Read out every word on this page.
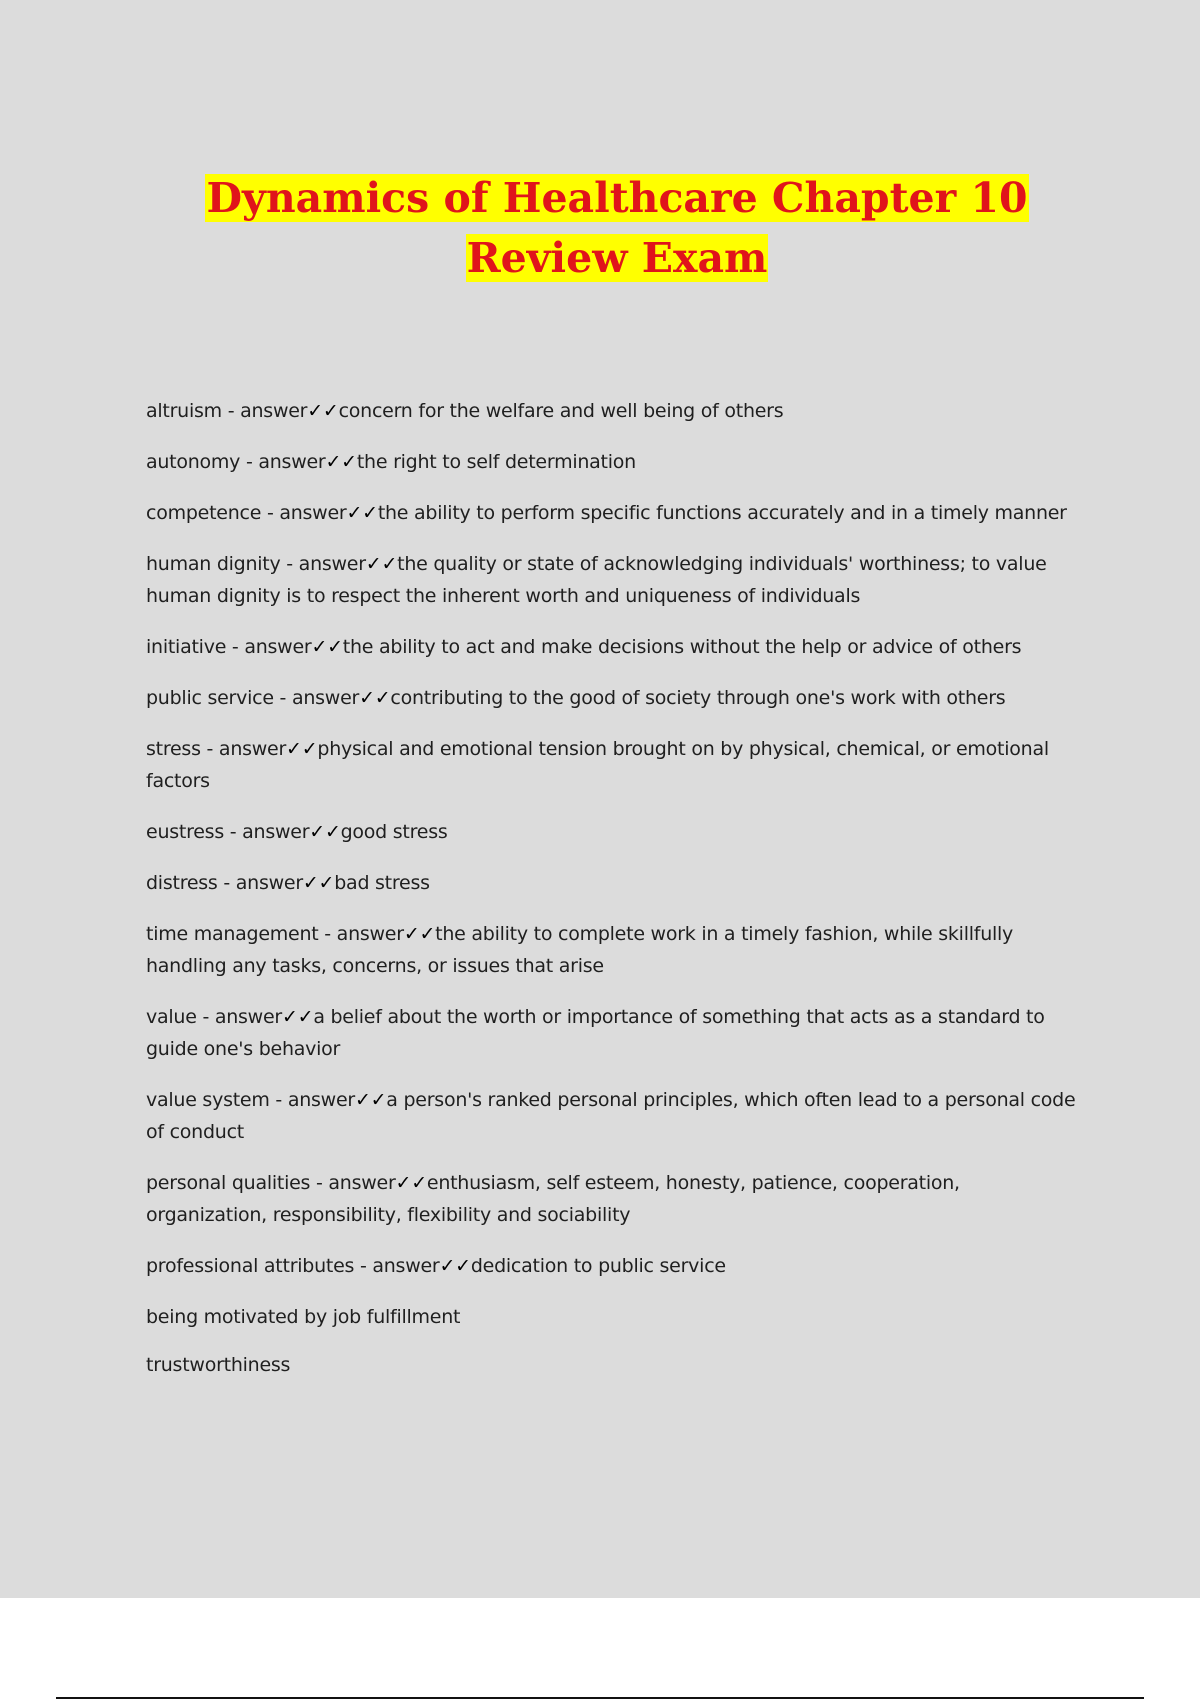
Dynamics of Healthcare Chapter 10 Review Exam

altruism - answer✓✓concern for the welfare and well being of others

autonomy - answer✓✓the right to self determination

competence - answer✓✓the ability to perform specific functions accurately and in a timely manner

human dignity - answer✓✓the quality or state of acknowledging individuals' worthiness; to value human dignity is to respect the inherent worth and uniqueness of individuals

initiative - answer✓✓the ability to act and make decisions without the help or advice of others

public service - answer✓✓contributing to the good of society through one's work with others

stress - answer✓✓physical and emotional tension brought on by physical, chemical, or emotional factors

eustress - answer✓✓good stress

distress - answer✓✓bad stress

time management - answer✓✓the ability to complete work in a timely fashion, while skillfully handling any tasks, concerns, or issues that arise

value - answer✓✓a belief about the worth or importance of something that acts as a standard to guide one's behavior

value system - answer✓✓a person's ranked personal principles, which often lead to a personal code of conduct

personal qualities - answer✓✓enthusiasm, self esteem, honesty, patience, cooperation, organization, responsibility, flexibility and sociability

professional attributes - answer✓✓dedication to public service

being motivated by job fulfillment

trustworthiness
